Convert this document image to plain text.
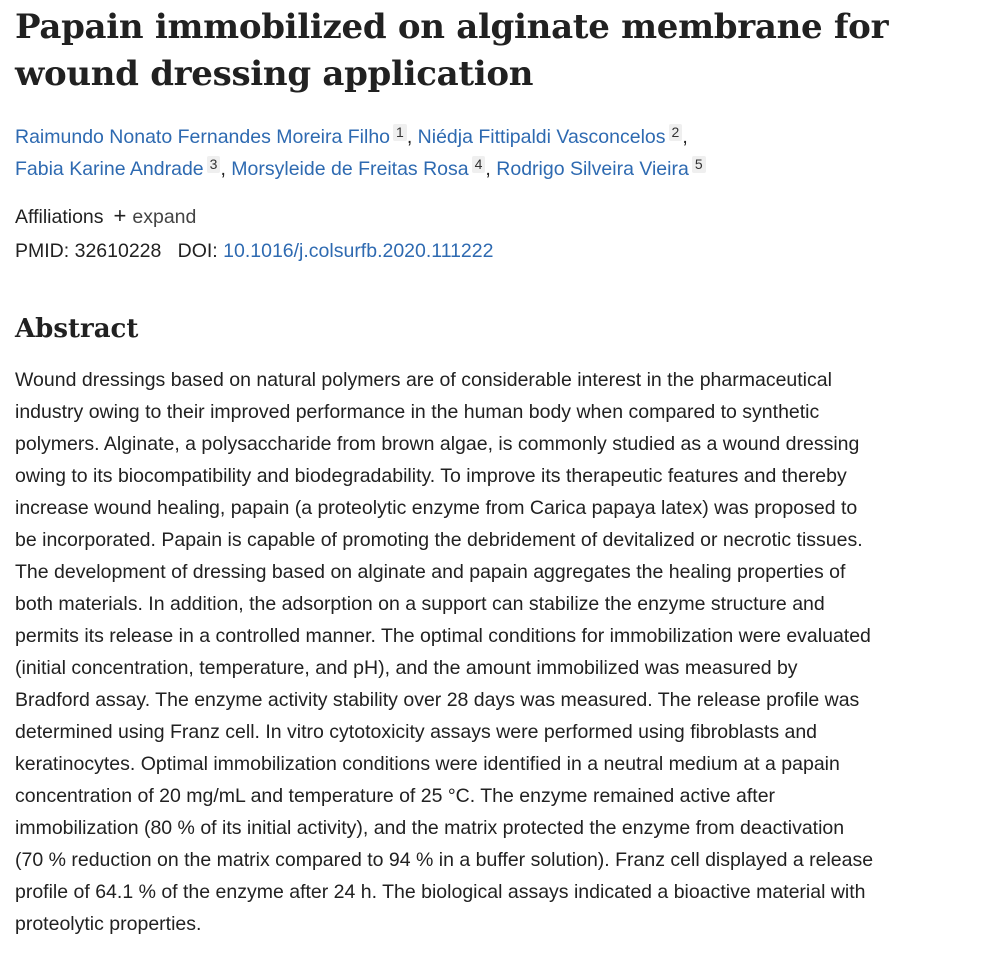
Papain immobilized on alginate membrane for wound dressing application
Raimundo Nonato Fernandes Moreira Filho 1 , Niédja Fittipaldi Vasconcelos 2 ,
Fabia Karine Andrade 3 , Morsyleide de Freitas Rosa 4 , Rodrigo Silveira Vieira 5
Affiliations + expand
PMID: 32610228 DOI: 10.1016/j.colsurfb.2020.111222
Abstract
Wound dressings based on natural polymers are of considerable interest in the pharmaceutical
industry owing to their improved performance in the human body when compared to synthetic
polymers. Alginate, a polysaccharide from brown algae, is commonly studied as a wound dressing
owing to its biocompatibility and biodegradability. To improve its therapeutic features and thereby
increase wound healing, papain (a proteolytic enzyme from Carica papaya latex) was proposed to
be incorporated. Papain is capable of promoting the debridement of devitalized or necrotic tissues.
The development of dressing based on alginate and papain aggregates the healing properties of
both materials. In addition, the adsorption on a support can stabilize the enzyme structure and
permits its release in a controlled manner. The optimal conditions for immobilization were evaluated
(initial concentration, temperature, and pH), and the amount immobilized was measured by
Bradford assay. The enzyme activity stability over 28 days was measured. The release profile was
determined using Franz cell. In vitro cytotoxicity assays were performed using fibroblasts and
keratinocytes. Optimal immobilization conditions were identified in a neutral medium at a papain
concentration of 20 mg/mL and temperature of 25 °C. The enzyme remained active after
immobilization (80 % of its initial activity), and the matrix protected the enzyme from deactivation
(70 % reduction on the matrix compared to 94 % in a buffer solution). Franz cell displayed a release
profile of 64.1 % of the enzyme after 24 h. The biological assays indicated a bioactive material with
proteolytic properties.
